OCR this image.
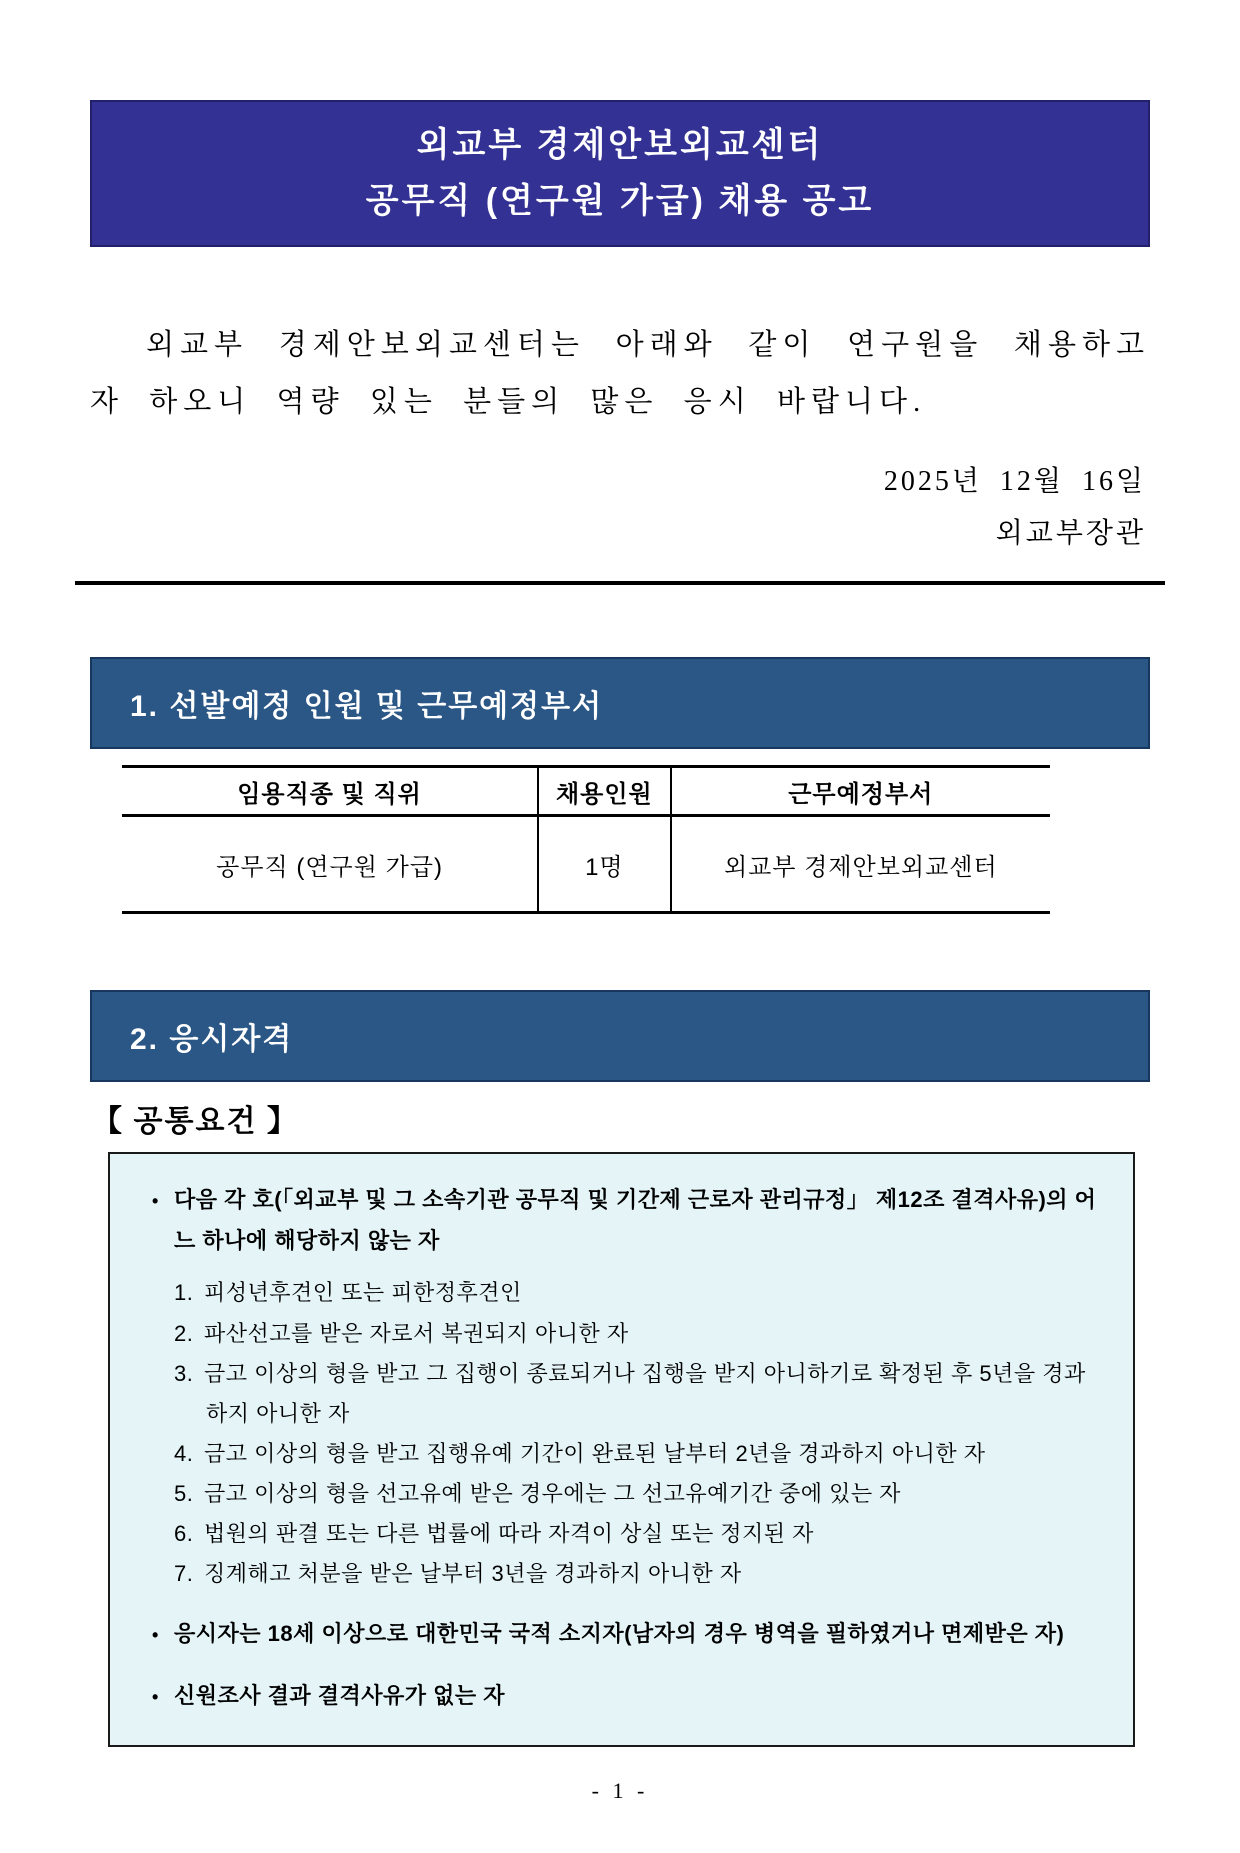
외교부 경제안보외교센터
공무직 (연구원 가급) 채용 공고

외교부 경제안보외교센터는 아래와 같이 연구원을 채용하고자 하오니 역량 있는 분들의 많은 응시 바랍니다.

2025년 12월 16일
외교부장관
1. 선발예정 인원 및 근무예정부서
임용직종 및 직위	채용인원	근무예정부서
공무직 (연구원 가급)	1명	외교부 경제안보외교센터
2. 응시자격
【 공통요건 】
• 다음 각 호(「외교부 및 그 소속기관 공무직 및 기간제 근로자 관리규정」 제12조 결격사유)의 어느 하나에 해당하지 않는 자
1. 피성년후견인 또는 피한정후견인
2. 파산선고를 받은 자로서 복권되지 아니한 자
3. 금고 이상의 형을 받고 그 집행이 종료되거나 집행을 받지 아니하기로 확정된 후 5년을 경과 하지 아니한 자
4. 금고 이상의 형을 받고 집행유예 기간이 완료된 날부터 2년을 경과하지 아니한 자
5. 금고 이상의 형을 선고유예 받은 경우에는 그 선고유예기간 중에 있는 자
6. 법원의 판결 또는 다른 법률에 따라 자격이 상실 또는 정지된 자
7. 징계해고 처분을 받은 날부터 3년을 경과하지 아니한 자
• 응시자는 18세 이상으로 대한민국 국적 소지자(남자의 경우 병역을 필하였거나 면제받은 자)
• 신원조사 결과 결격사유가 없는 자
- 1 -
